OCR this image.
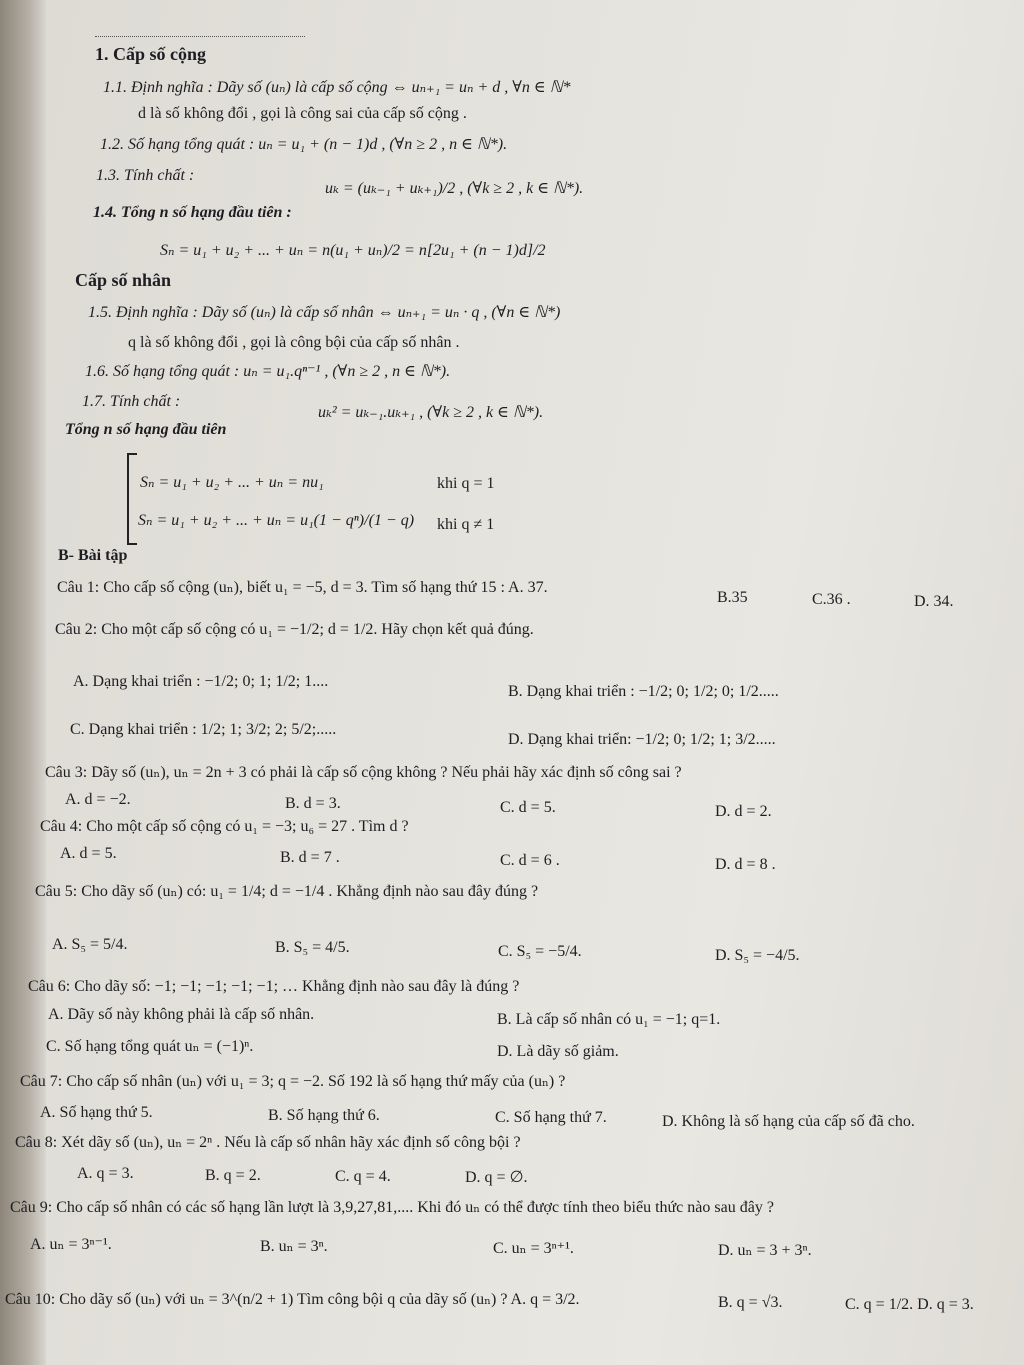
1. Cấp số cộng
1.1. Định nghĩa : Dãy số (uₙ) là cấp số cộng ⇔ uₙ₊₁ = uₙ + d , ∀n ∈ ℕ*
d là số không đổi , gọi là công sai của cấp số cộng .
1.2. Số hạng tổng quát : uₙ = u₁ + (n − 1)d , (∀n ≥ 2 , n ∈ ℕ*).
1.3. Tính chất :
uₖ = (uₖ₋₁ + uₖ₊₁)/2 , (∀k ≥ 2 , k ∈ ℕ*).
1.4. Tổng n số hạng đầu tiên :
Sₙ = u₁ + u₂ + ... + uₙ = n(u₁ + uₙ)/2 = n[2u₁ + (n − 1)d]/2
Cấp số nhân
1.5. Định nghĩa : Dãy số (uₙ) là cấp số nhân ⇔ uₙ₊₁ = uₙ · q , (∀n ∈ ℕ*)
q là số không đổi , gọi là công bội của cấp số nhân .
1.6. Số hạng tổng quát : uₙ = u₁.qⁿ⁻¹ , (∀n ≥ 2 , n ∈ ℕ*).
1.7. Tính chất :
uₖ² = uₖ₋₁.uₖ₊₁ , (∀k ≥ 2 , k ∈ ℕ*).
Tổng n số hạng đầu tiên
Sₙ = u₁ + u₂ + ... + uₙ = nu₁	khi q = 1
Sₙ = u₁ + u₂ + ... + uₙ = u₁(1 − qⁿ)/(1 − q) khi q ≠ 1
B- Bài tập
Câu 1: Cho cấp số cộng (uₙ), biết u₁ = −5, d = 3. Tìm số hạng thứ 15 : A. 37.
B.35	C.36 .	D. 34.
Câu 2: Cho một cấp số cộng có u₁ = −1/2; d = 1/2. Hãy chọn kết quả đúng.
A. Dạng khai triển : −1/2; 0; 1; 1/2; 1....
B. Dạng khai triển : −1/2; 0; 1/2; 0; 1/2.....
C. Dạng khai triển : 1/2; 1; 3/2; 2; 5/2;.....
D. Dạng khai triển: −1/2; 0; 1/2; 1; 3/2.....
Câu 3: Dãy số (uₙ), uₙ = 2n + 3 có phải là cấp số cộng không ? Nếu phải hãy xác định số công sai ?
A. d = −2.	B. d = 3.	C. d = 5.	D. d = 2.
Câu 4: Cho một cấp số cộng có u₁ = −3; u₆ = 27 . Tìm d ?
A. d = 5.	B. d = 7 .	C. d = 6 .	D. d = 8 .
Câu 5: Cho dãy số (uₙ) có: u₁ = 1/4; d = −1/4 . Khẳng định nào sau đây đúng ?
A. S₅ = 5/4.	B. S₅ = 4/5.	C. S₅ = −5/4.	D. S₅ = −4/5.
Câu 6: Cho dãy số: −1; −1; −1; −1; −1; … Khẳng định nào sau đây là đúng ?
A. Dãy số này không phải là cấp số nhân.	B. Là cấp số nhân có u₁ = −1; q=1.
C. Số hạng tổng quát uₙ = (−1)ⁿ.	D. Là dãy số giảm.
Câu 7: Cho cấp số nhân (uₙ) với u₁ = 3; q = −2. Số 192 là số hạng thứ mấy của (uₙ) ?
A. Số hạng thứ 5.	B. Số hạng thứ 6.	C. Số hạng thứ 7.	D. Không là số hạng của cấp số đã cho.
Câu 8: Xét dãy số (uₙ), uₙ = 2ⁿ . Nếu là cấp số nhân hãy xác định số công bội ?
A. q = 3.	B. q = 2.	C. q = 4.	D. q = ∅.
Câu 9: Cho cấp số nhân có các số hạng lần lượt là 3,9,27,81,.... Khi đó uₙ có thể được tính theo biểu thức nào sau đây ?
A. uₙ = 3ⁿ⁻¹.	B. uₙ = 3ⁿ.	C. uₙ = 3ⁿ⁺¹.	D. uₙ = 3 + 3ⁿ.
Câu 10: Cho dãy số (uₙ) với uₙ = 3^(n/2 + 1) Tìm công bội q của dãy số (uₙ) ? A. q = 3/2.	B. q = √3.	C. q = 1/2. D. q = 3.
